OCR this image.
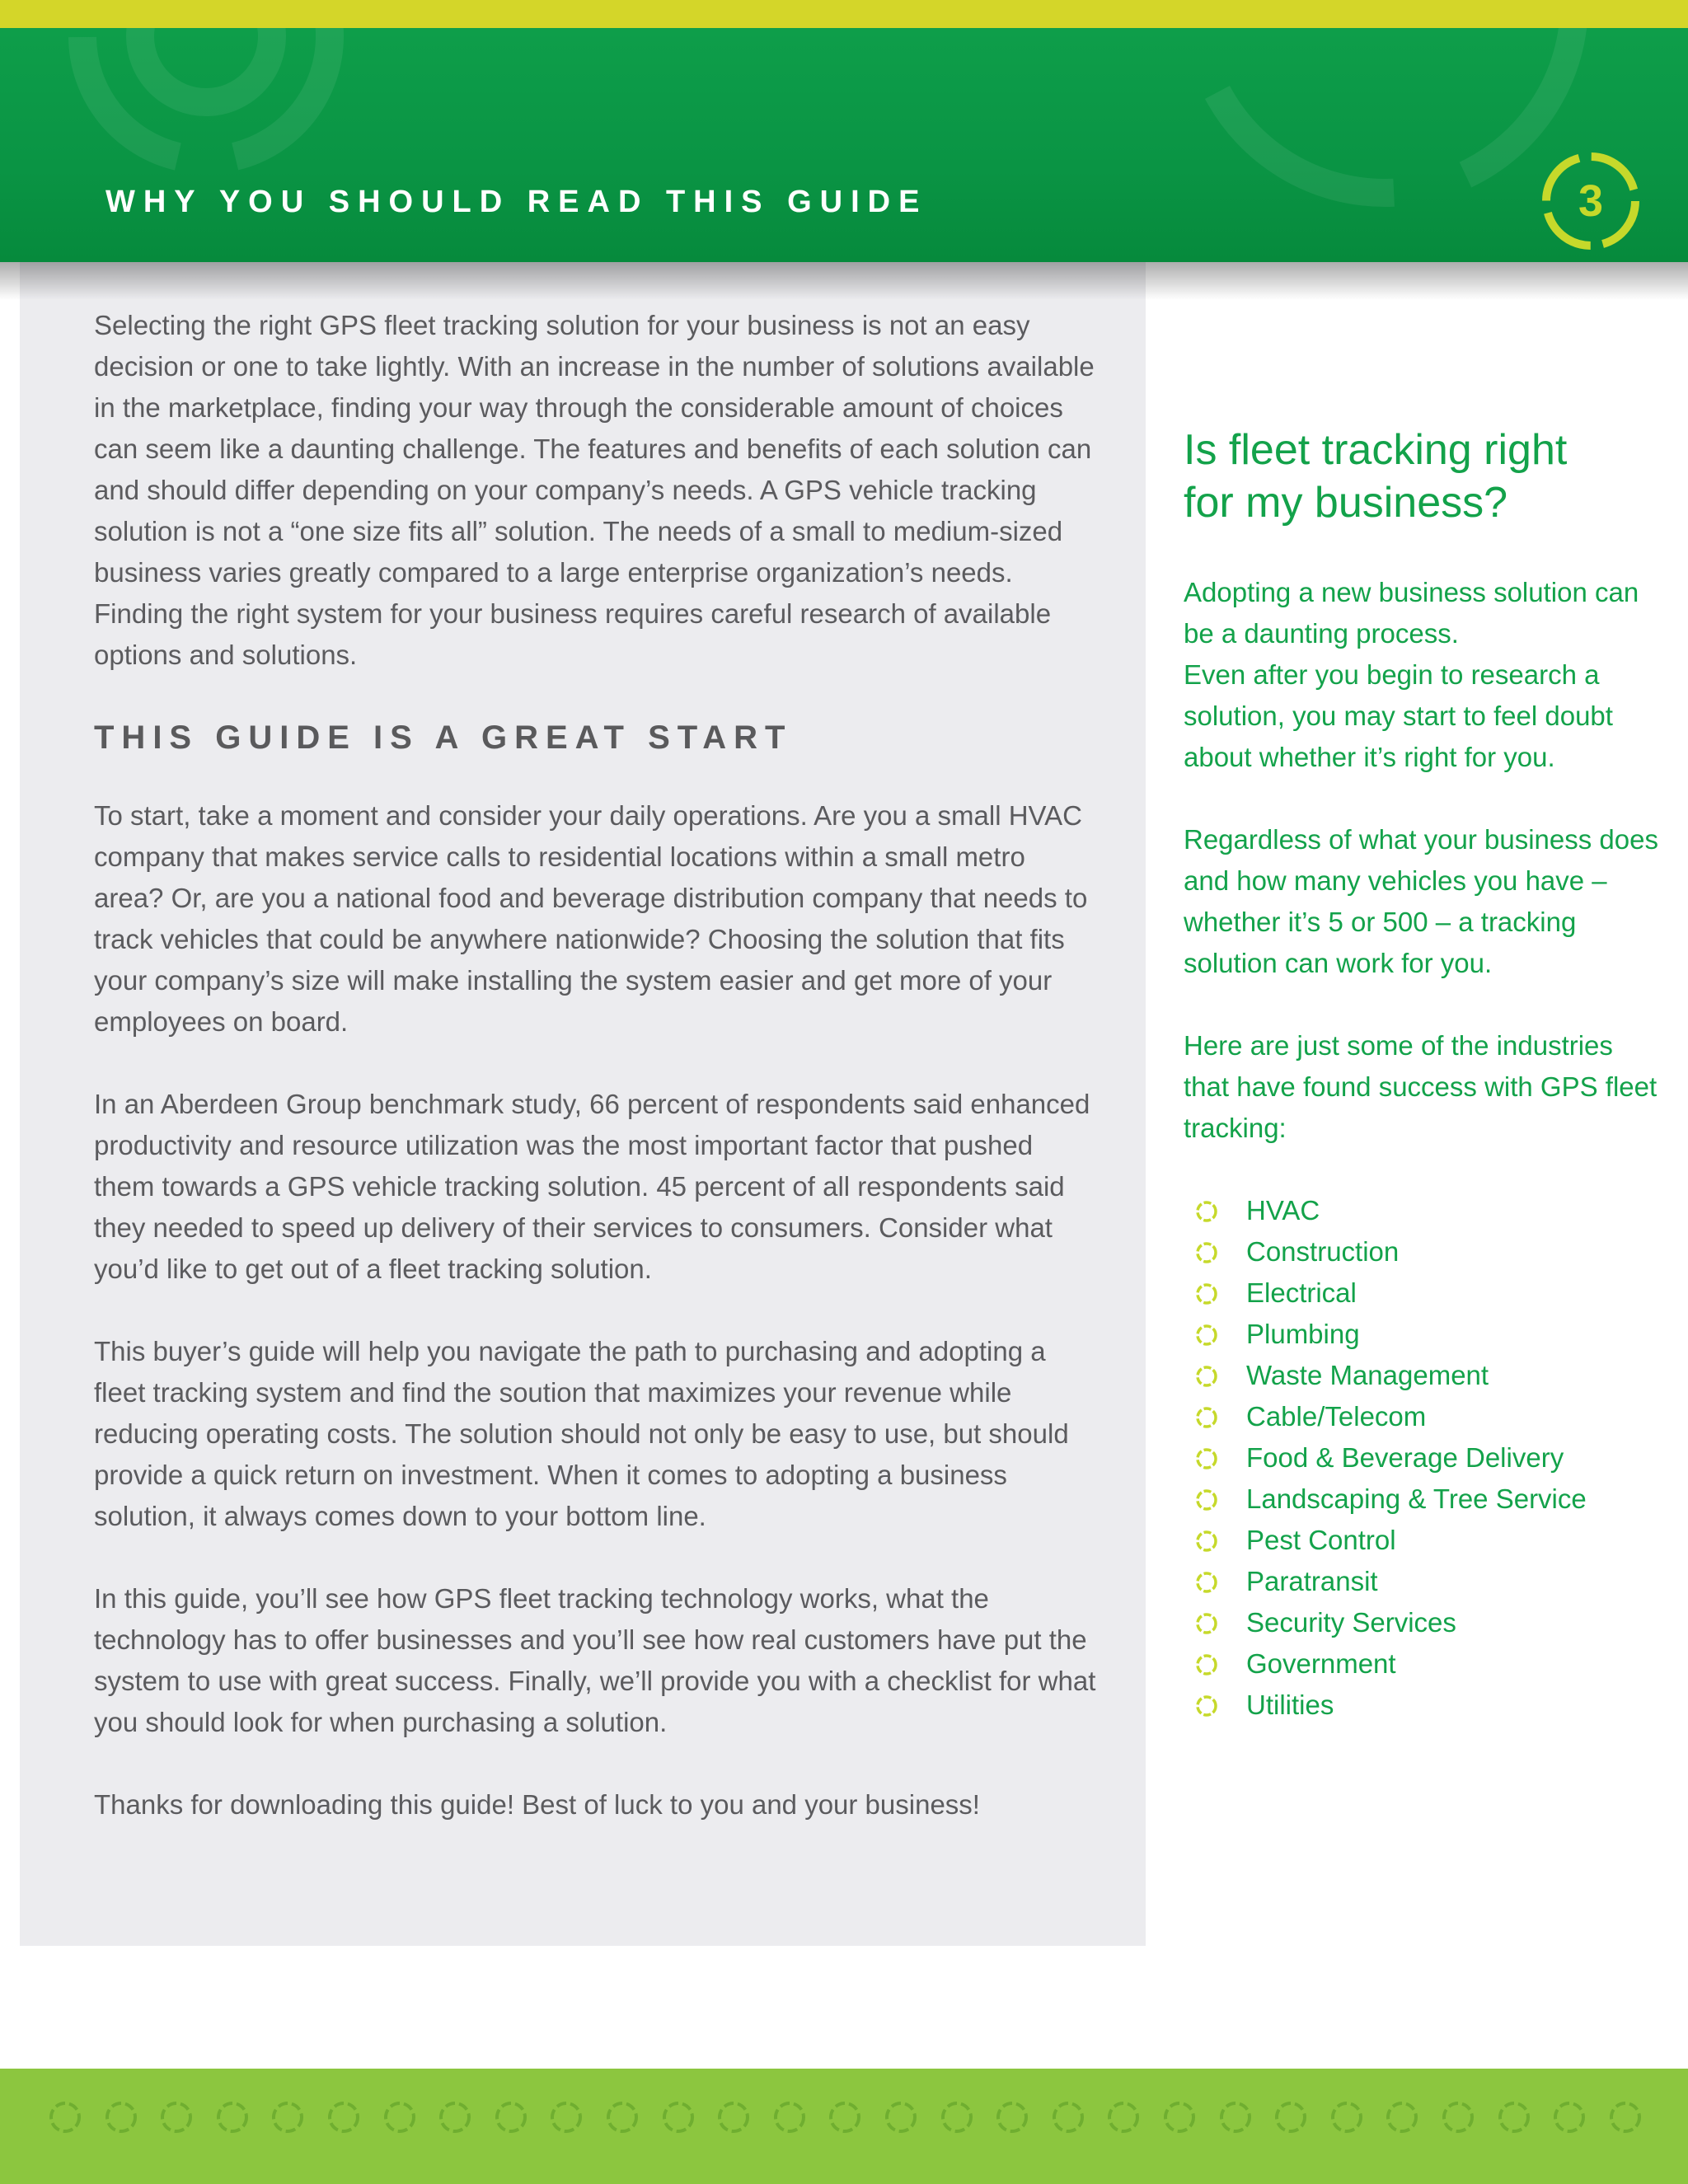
WHY YOU SHOULD READ THIS GUIDE	3

Selecting the right GPS fleet tracking solution for your business is not an easy decision or one to take lightly. With an increase in the number of solutions available in the marketplace, finding your way through the considerable amount of choices can seem like a daunting challenge. The features and benefits of each solution can and should differ depending on your company’s needs. A GPS vehicle tracking solution is not a “one size fits all” solution. The needs of a small to medium-sized business varies greatly compared to a large enterprise organization’s needs. Finding the right system for your business requires careful research of available options and solutions.

THIS GUIDE IS A GREAT START

To start, take a moment and consider your daily operations. Are you a small HVAC company that makes service calls to residential locations within a small metro area? Or, are you a national food and beverage distribution company that needs to track vehicles that could be anywhere nationwide? Choosing the solution that fits your company’s size will make installing the system easier and get more of your employees on board.

In an Aberdeen Group benchmark study, 66 percent of respondents said enhanced productivity and resource utilization was the most important factor that pushed them towards a GPS vehicle tracking solution. 45 percent of all respondents said they needed to speed up delivery of their services to consumers. Consider what you’d like to get out of a fleet tracking solution.

This buyer’s guide will help you navigate the path to purchasing and adopting a fleet tracking system and find the soution that maximizes your revenue while reducing operating costs. The solution should not only be easy to use, but should provide a quick return on investment. When it comes to adopting a business solution, it always comes down to your bottom line.

In this guide, you’ll see how GPS fleet tracking technology works, what the technology has to offer businesses and you’ll see how real customers have put the system to use with great success. Finally, we’ll provide you with a checklist for what you should look for when purchasing a solution.

Thanks for downloading this guide! Best of luck to you and your business!

Is fleet tracking right
for my business?

Adopting a new business solution can be a daunting process.
Even after you begin to research a solution, you may start to feel doubt about whether it’s right for you.

Regardless of what your business does and how many vehicles you have – whether it’s 5 or 500 – a tracking solution can work for you.

Here are just some of the industries that have found success with GPS fleet tracking:

HVAC
Construction
Electrical
Plumbing
Waste Management
Cable/Telecom
Food & Beverage Delivery
Landscaping & Tree Service
Pest Control
Paratransit
Security Services
Government
Utilities
